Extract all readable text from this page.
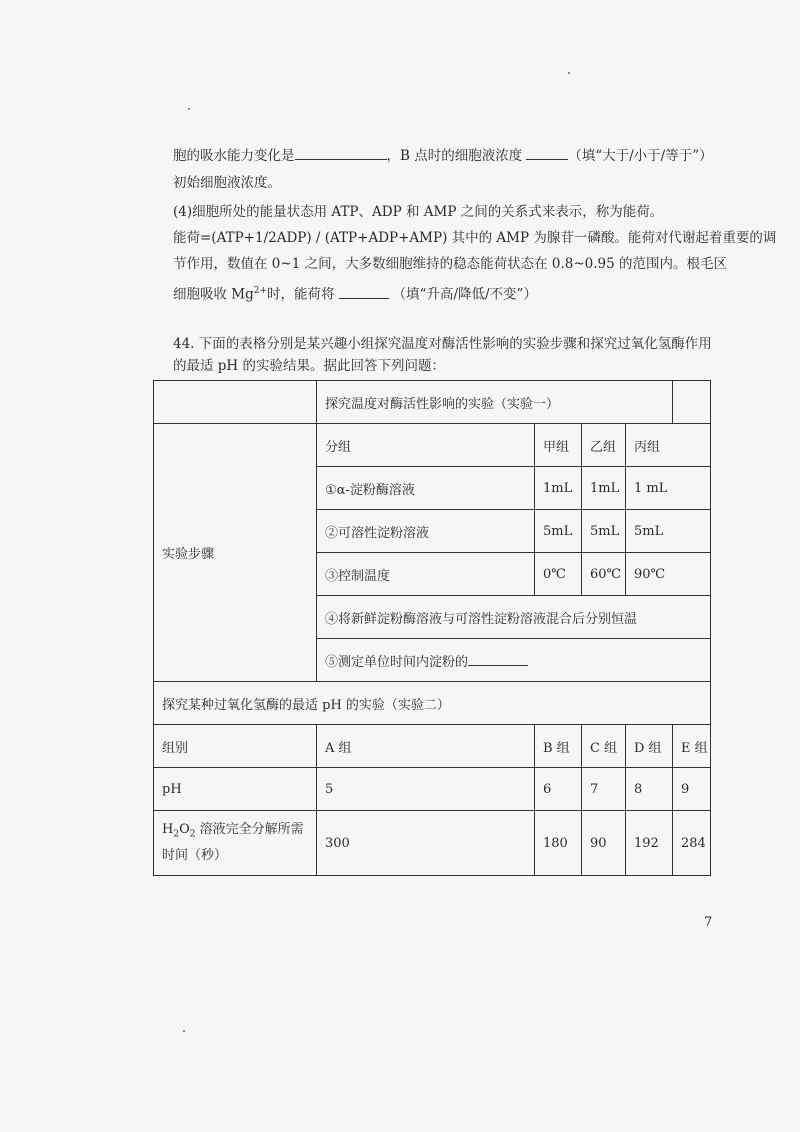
胞的吸水能力变化是	，B 点时的细胞液浓度	（填“大于/小于/等于”）
初始细胞液浓度。
(4)细胞所处的能量状态用 ATP、ADP 和 AMP 之间的关系式来表示，称为能荷。
能荷=(ATP+1/2ADP) / (ATP+ADP+AMP) 其中的 AMP 为腺苷一磷酸。能荷对代谢起着重要的调
节作用，数值在 0~1 之间，大多数细胞维持的稳态能荷状态在 0.8~0.95 的范围内。根毛区
细胞吸收 $Mg^{2+}$时，能荷将	（填“升高/降低/不变”）
44. 下面的表格分别是某兴趣小组探究温度对酶活性影响的实验步骤和探究过氧化氢酶作用
的最适 pH 的实验结果。据此回答下列问题：
	探究温度对酶活性影响的实验（实验一）				
实验步骤	分组	甲组	乙组	丙组	
	①α-淀粉酶溶液	1mL	1mL	1 mL	
	②可溶性淀粉溶液	5mL	5mL	5mL	
	③控制温度	0℃	60℃	90℃	
	④将新鲜淀粉酶溶液与可溶性淀粉溶液混合后分别恒温				
	⑤测定单位时间内淀粉的				
探究某种过氧化氢酶的最适 pH 的实验（实验二）					
组别	A 组	B 组	C 组	D 组	E 组
pH	5	6	7	8	9
$H_2O_2$ 溶液完全分解所需
时间（秒）	300	180	90	192	284
7
